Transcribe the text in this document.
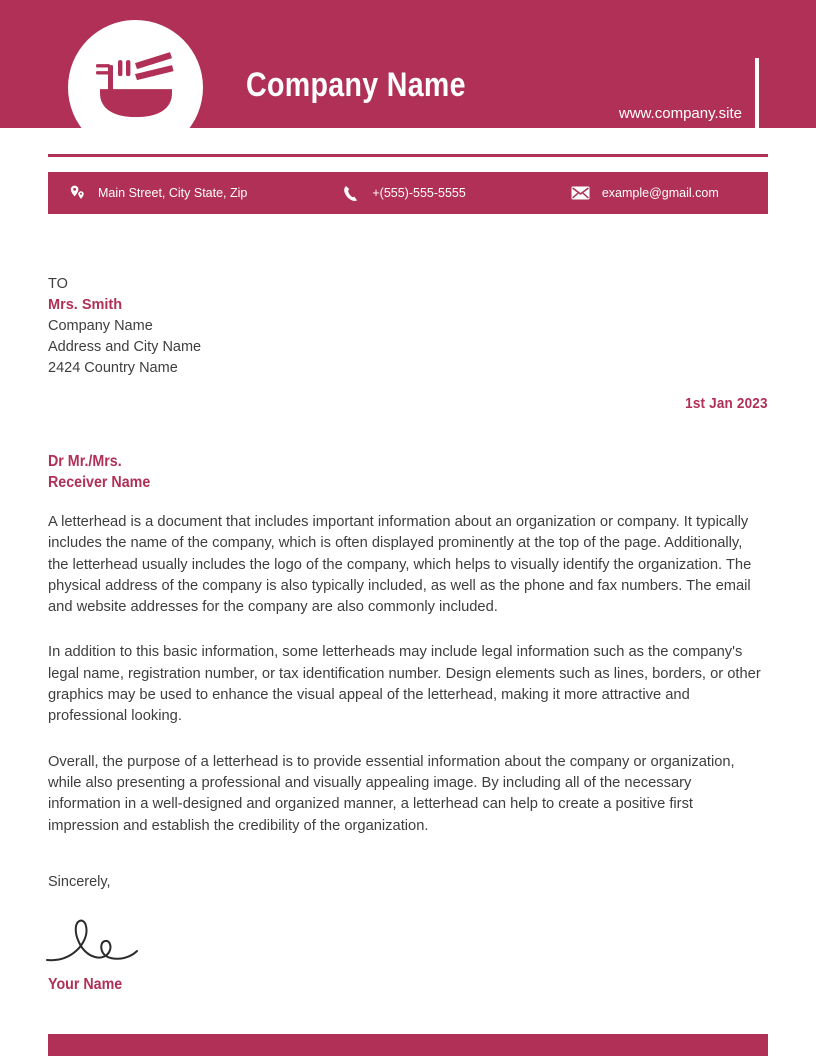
Company Name
www.company.site
Main Street, City State, Zip	+(555)-555-5555	example@gmail.com
TO
Mrs. Smith
Company Name
Address and City Name
2424 Country Name
1st Jan 2023
Dr Mr./Mrs.
Receiver Name

A letterhead is a document that includes important information about an organization or company. It typically includes the name of the company, which is often displayed prominently at the top of the page. Additionally, the letterhead usually includes the logo of the company, which helps to visually identify the organization. The physical address of the company is also typically included, as well as the phone and fax numbers. The email and website addresses for the company are also commonly included.

In addition to this basic information, some letterheads may include legal information such as the company's legal name, registration number, or tax identification number. Design elements such as lines, borders, or other graphics may be used to enhance the visual appeal of the letterhead, making it more attractive and professional looking.

Overall, the purpose of a letterhead is to provide essential information about the company or organization, while also presenting a professional and visually appealing image. By including all of the necessary information in a well-designed and organized manner, a letterhead can help to create a positive first impression and establish the credibility of the organization.

Sincerely,
Your Name
